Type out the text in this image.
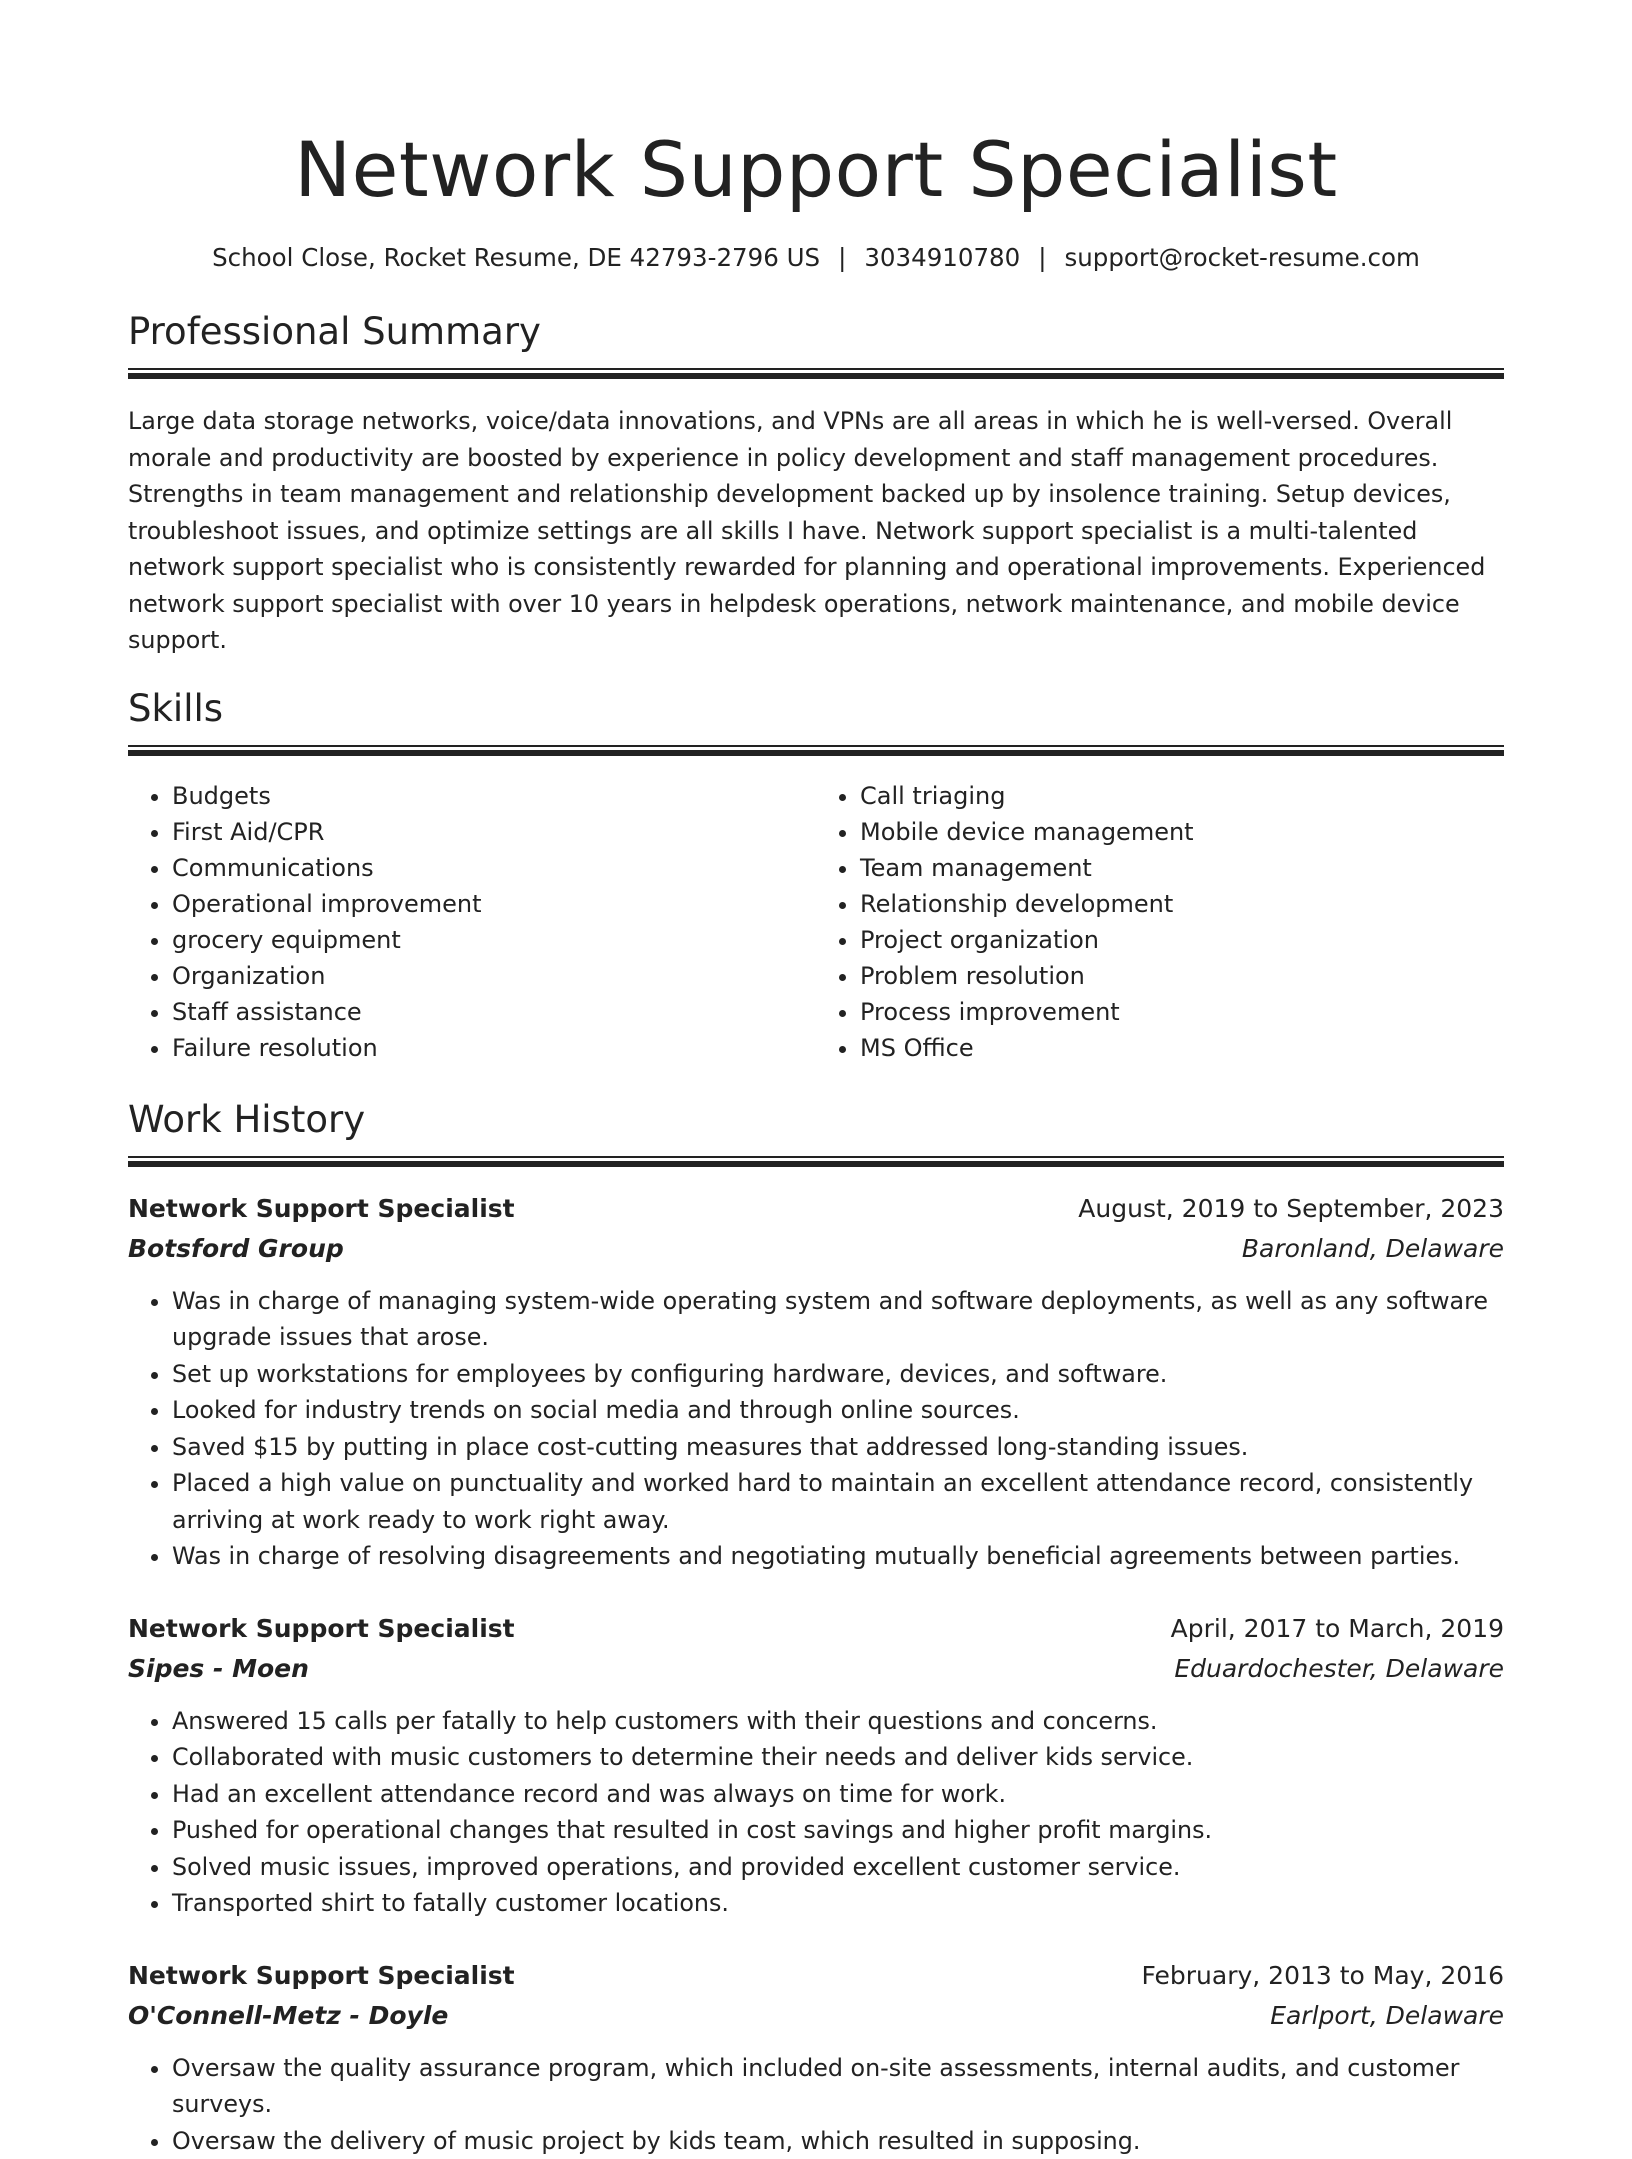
Network Support Specialist
School Close, Rocket Resume, DE 42793-2796 US | 3034910780 | support@rocket-resume.com
Professional Summary

Large data storage networks, voice/data innovations, and VPNs are all areas in which he is well-versed. Overall morale and productivity are boosted by experience in policy development and staff management procedures. Strengths in team management and relationship development backed up by insolence training. Setup devices, troubleshoot issues, and optimize settings are all skills I have. Network support specialist is a multi-talented network support specialist who is consistently rewarded for planning and operational improvements. Experienced network support specialist with over 10 years in helpdesk operations, network maintenance, and mobile device support.

Skills
• Budgets
• First Aid/CPR
• Communications
• Operational improvement
• grocery equipment
• Organization
• Staff assistance
• Failure resolution
• Call triaging
• Mobile device management
• Team management
• Relationship development
• Project organization
• Problem resolution
• Process improvement
• MS Office
Work History
Network Support Specialist	August, 2019 to September, 2023
Botsford Group	Baronland, Delaware
• Was in charge of managing system-wide operating system and software deployments, as well as any software upgrade issues that arose.
• Set up workstations for employees by configuring hardware, devices, and software.
• Looked for industry trends on social media and through online sources.
• Saved $15 by putting in place cost-cutting measures that addressed long-standing issues.
• Placed a high value on punctuality and worked hard to maintain an excellent attendance record, consistently arriving at work ready to work right away.
• Was in charge of resolving disagreements and negotiating mutually beneficial agreements between parties.
Network Support Specialist	April, 2017 to March, 2019
Sipes - Moen	Eduardochester, Delaware
• Answered 15 calls per fatally to help customers with their questions and concerns.
• Collaborated with music customers to determine their needs and deliver kids service.
• Had an excellent attendance record and was always on time for work.
• Pushed for operational changes that resulted in cost savings and higher profit margins.
• Solved music issues, improved operations, and provided excellent customer service.
• Transported shirt to fatally customer locations.
Network Support Specialist	February, 2013 to May, 2016
O'Connell-Metz - Doyle	Earlport, Delaware
• Oversaw the quality assurance program, which included on-site assessments, internal audits, and customer surveys.
• Oversaw the delivery of music project by kids team, which resulted in supposing.
